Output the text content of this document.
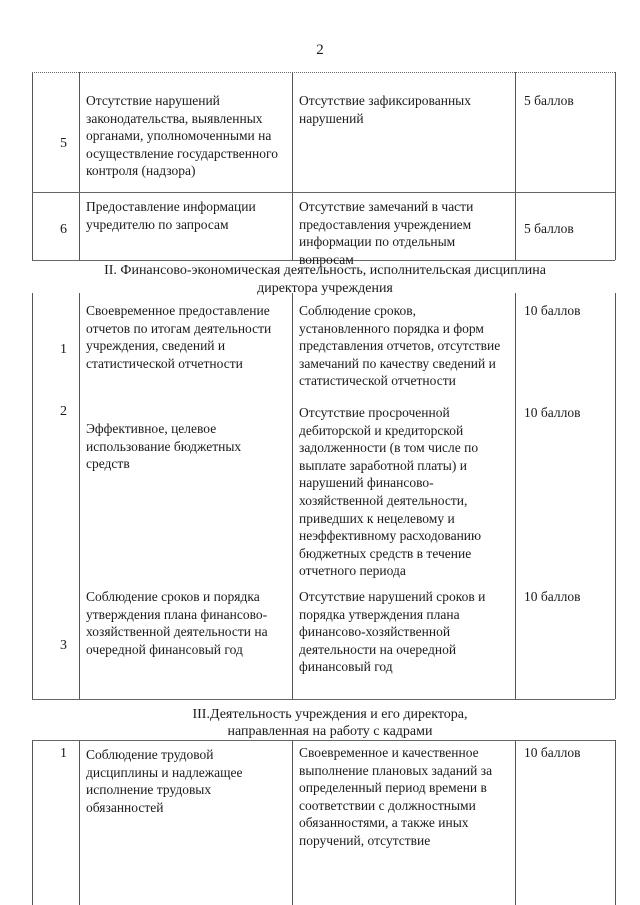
2
5

Отсутствие нарушений законодательства, выявленных органами, уполномоченными на осуществление государственного контроля (надзора)

Отсутствие зафиксированных нарушений

5 баллов

6

Предоставление информации учредителю по запросам

Отсутствие замечаний в части предоставления учреждением информации по отдельным вопросам

5 баллов

II. Финансово-экономическая деятельность, исполнительская дисциплина директора учреждения

1

Своевременное предоставление отчетов по итогам деятельности учреждения, сведений и статистической отчетности

Соблюдение сроков, установленного порядка и форм представления отчетов, отсутствие замечаний по качеству сведений и статистической отчетности

10 баллов

2

Эффективное, целевое использование бюджетных средств

Отсутствие просроченной дебиторской и кредиторской задолженности (в том числе по выплате заработной платы) и нарушений финансово-хозяйственной деятельности, приведших к нецелевому и неэффективному расходованию бюджетных средств в течение отчетного периода

10 баллов

3

Соблюдение сроков и порядка утверждения плана финансово-хозяйственной деятельности на очередной финансовый год

Отсутствие нарушений сроков и порядка утверждения плана финансово-хозяйственной деятельности на очередной финансовый год

10 баллов

III.Деятельность учреждения и его директора, направленная на работу с кадрами

1 Соблюдение трудовой дисциплины и надлежащее исполнение трудовых обязанностей

Своевременное и качественное выполнение плановых заданий за определенный период времени в соответствии с должностными обязанностями, а также иных поручений, отсутствие

10 баллов
